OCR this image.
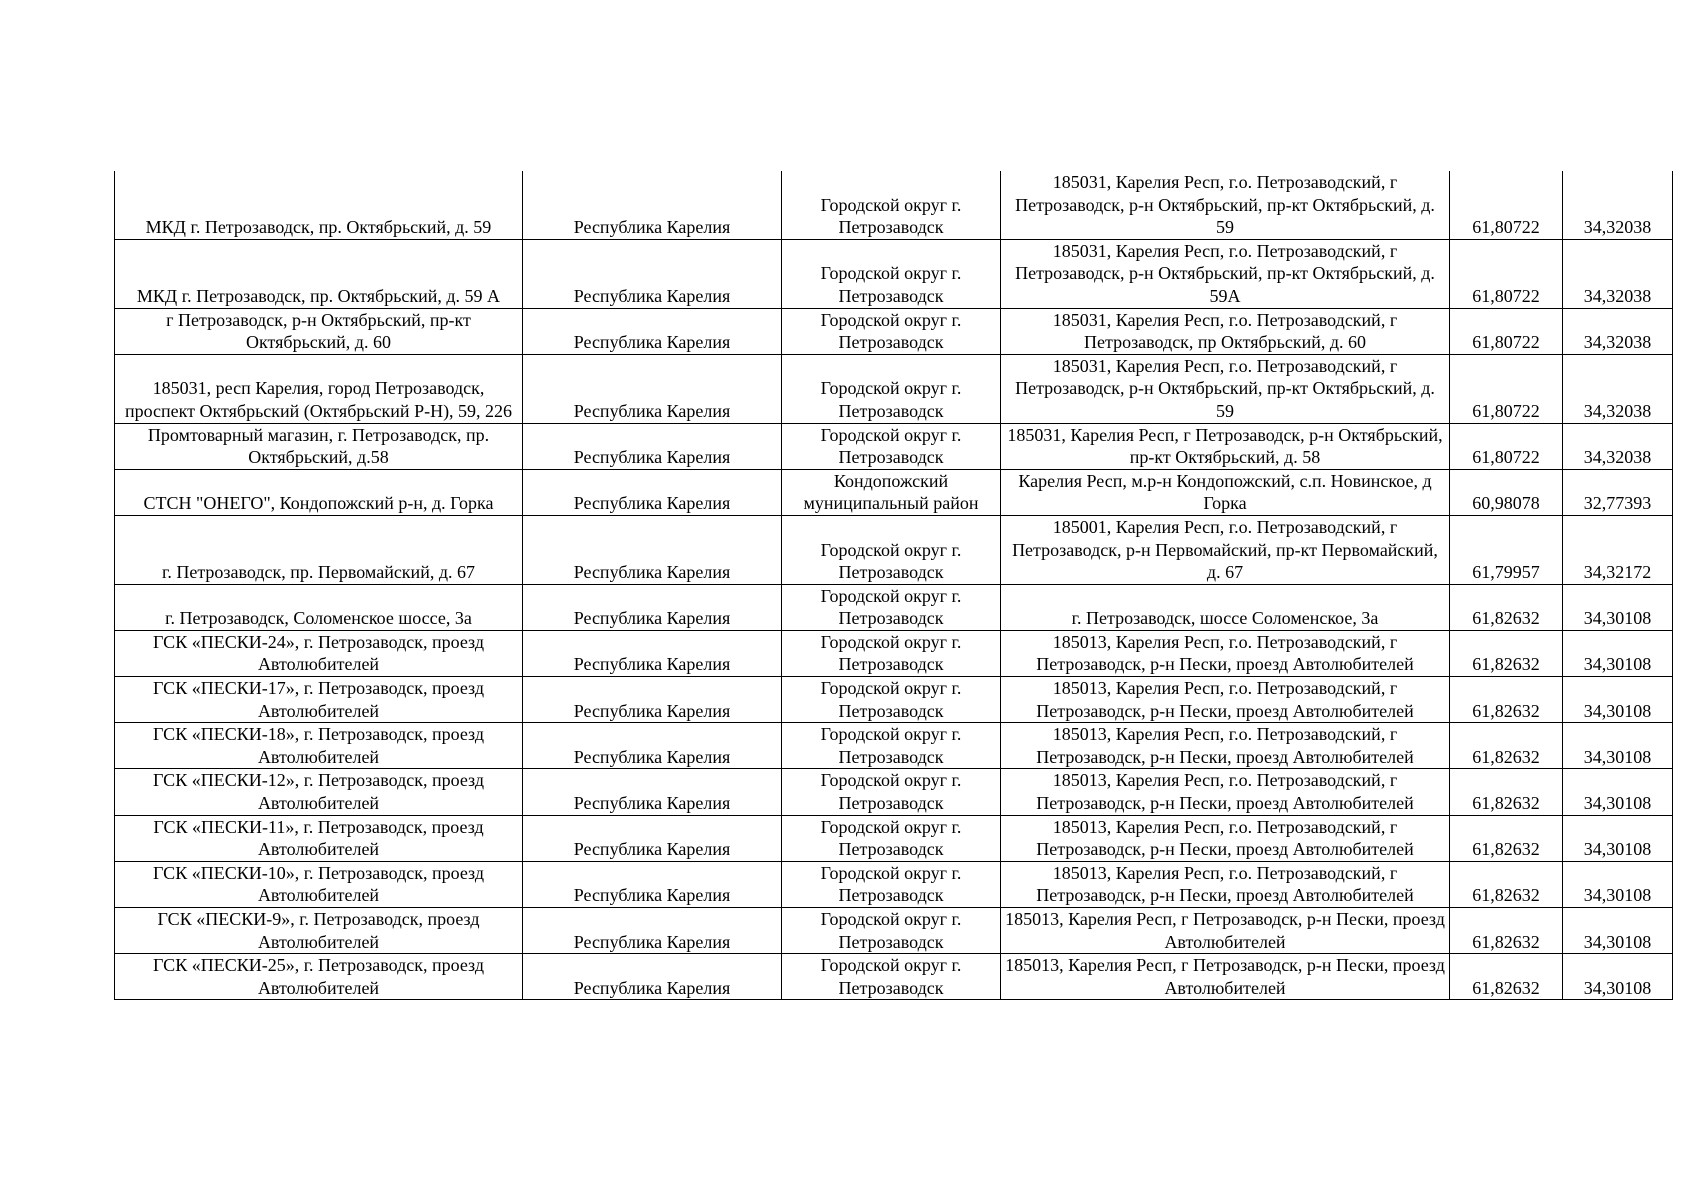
МКД г. Петрозаводск, пр. Октябрьский, д. 59	Республика Карелия	Городской округ г. Петрозаводск	185031, Карелия Респ, г.о. Петрозаводский, г Петрозаводск, р-н Октябрьский, пр-кт Октябрьский, д. 59	61,80722	34,32038
МКД г. Петрозаводск, пр. Октябрьский, д. 59 А	Республика Карелия	Городской округ г. Петрозаводск	185031, Карелия Респ, г.о. Петрозаводский, г Петрозаводск, р-н Октябрьский, пр-кт Октябрьский, д. 59А	61,80722	34,32038
г Петрозаводск, р-н Октябрьский, пр-кт Октябрьский, д. 60	Республика Карелия	Городской округ г. Петрозаводск	185031, Карелия Респ, г.о. Петрозаводский, г Петрозаводск, пр Октябрьский, д. 60	61,80722	34,32038
185031, респ Карелия, город Петрозаводск, проспект Октябрьский (Октябрьский Р-Н), 59, 226	Республика Карелия	Городской округ г. Петрозаводск	185031, Карелия Респ, г.о. Петрозаводский, г Петрозаводск, р-н Октябрьский, пр-кт Октябрьский, д. 59	61,80722	34,32038
Промтоварный магазин, г. Петрозаводск, пр. Октябрьский, д.58	Республика Карелия	Городской округ г. Петрозаводск	185031, Карелия Респ, г Петрозаводск, р-н Октябрьский, пр-кт Октябрьский, д. 58	61,80722	34,32038
СТСН "ОНЕГО", Кондопожский р-н, д. Горка	Республика Карелия	Кондопожский муниципальный район	Карелия Респ, м.р-н Кондопожский, с.п. Новинское, д Горка	60,98078	32,77393
г. Петрозаводск, пр. Первомайский, д. 67	Республика Карелия	Городской округ г. Петрозаводск	185001, Карелия Респ, г.о. Петрозаводский, г Петрозаводск, р-н Первомайский, пр-кт Первомайский, д. 67	61,79957	34,32172
г. Петрозаводск, Соломенское шоссе, 3а	Республика Карелия	Городской округ г. Петрозаводск	г. Петрозаводск, шоссе Соломенское, 3а	61,82632	34,30108
ГСК «ПЕСКИ-24», г. Петрозаводск, проезд Автолюбителей	Республика Карелия	Городской округ г. Петрозаводск	185013, Карелия Респ, г.о. Петрозаводский, г Петрозаводск, р-н Пески, проезд Автолюбителей	61,82632	34,30108
ГСК «ПЕСКИ-17», г. Петрозаводск, проезд Автолюбителей	Республика Карелия	Городской округ г. Петрозаводск	185013, Карелия Респ, г.о. Петрозаводский, г Петрозаводск, р-н Пески, проезд Автолюбителей	61,82632	34,30108
ГСК «ПЕСКИ-18», г. Петрозаводск, проезд Автолюбителей	Республика Карелия	Городской округ г. Петрозаводск	185013, Карелия Респ, г.о. Петрозаводский, г Петрозаводск, р-н Пески, проезд Автолюбителей	61,82632	34,30108
ГСК «ПЕСКИ-12», г. Петрозаводск, проезд Автолюбителей	Республика Карелия	Городской округ г. Петрозаводск	185013, Карелия Респ, г.о. Петрозаводский, г Петрозаводск, р-н Пески, проезд Автолюбителей	61,82632	34,30108
ГСК «ПЕСКИ-11», г. Петрозаводск, проезд Автолюбителей	Республика Карелия	Городской округ г. Петрозаводск	185013, Карелия Респ, г.о. Петрозаводский, г Петрозаводск, р-н Пески, проезд Автолюбителей	61,82632	34,30108
ГСК «ПЕСКИ-10», г. Петрозаводск, проезд Автолюбителей	Республика Карелия	Городской округ г. Петрозаводск	185013, Карелия Респ, г.о. Петрозаводский, г Петрозаводск, р-н Пески, проезд Автолюбителей	61,82632	34,30108
ГСК «ПЕСКИ-9», г. Петрозаводск, проезд Автолюбителей	Республика Карелия	Городской округ г. Петрозаводск	185013, Карелия Респ, г Петрозаводск, р-н Пески, проезд Автолюбителей	61,82632	34,30108
ГСК «ПЕСКИ-25», г. Петрозаводск, проезд Автолюбителей	Республика Карелия	Городской округ г. Петрозаводск	185013, Карелия Респ, г Петрозаводск, р-н Пески, проезд Автолюбителей	61,82632	34,30108
